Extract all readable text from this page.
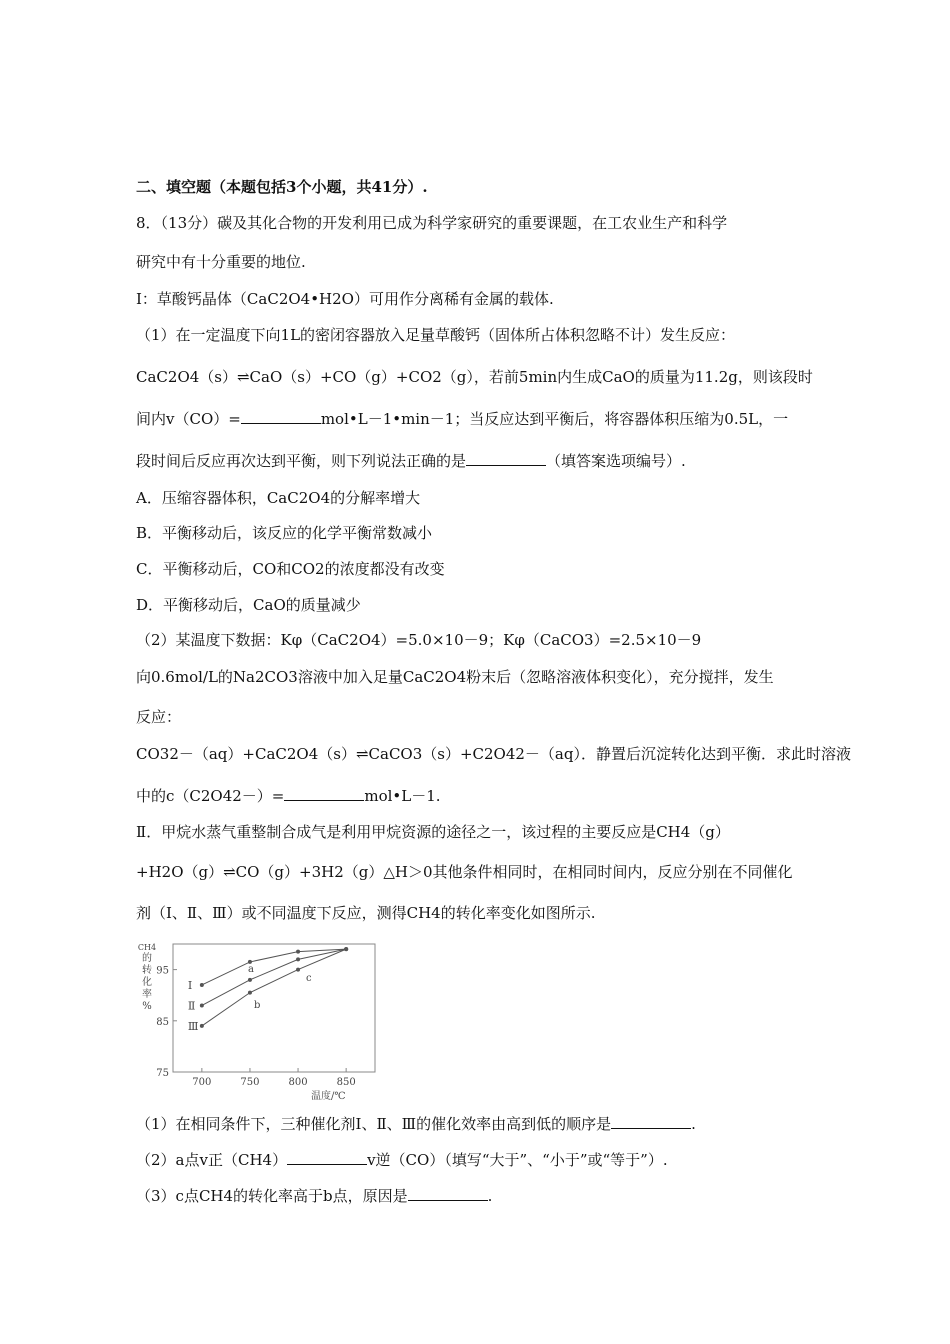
二、填空题（本题包括3个小题，共41分）.
8．（13分）碳及其化合物的开发利用已成为科学家研究的重要课题，在工农业生产和科学
研究中有十分重要的地位.
Ⅰ：草酸钙晶体（CaC2O4•H2O）可用作分离稀有金属的载体.
（1）在一定温度下向1L的密闭容器放入足量草酸钙（固体所占体积忽略不计）发生反应：
CaC2O4（s）⇌CaO（s）+CO（g）+CO2（g），若前5min内生成CaO的质量为11.2g，则该段时
间内v（CO）=	mol•L－1•min－1；当反应达到平衡后，将容器体积压缩为0.5L，一
段时间后反应再次达到平衡，则下列说法正确的是	（填答案选项编号）.
A．压缩容器体积，CaC2O4的分解率增大
B．平衡移动后，该反应的化学平衡常数减小
C．平衡移动后，CO和CO2的浓度都没有改变
D．平衡移动后，CaO的质量减少
（2）某温度下数据：Kφ（CaC2O4）=5.0×10－9；Kφ（CaCO3）=2.5×10－9
向0.6mol/L的Na2CO3溶液中加入足量CaC2O4粉末后（忽略溶液体积变化），充分搅拌，发生
反应：
CO32－（aq）+CaC2O4（s）⇌CaCO3（s）+C2O42－（aq）．静置后沉淀转化达到平衡．求此时溶液
中的c（C2O42－）=	mol•L－1.
Ⅱ．甲烷水蒸气重整制合成气是利用甲烷资源的途径之一，该过程的主要反应是CH4（g）
+H2O（g）⇌CO（g）+3H2（g）△H＞0其他条件相同时，在相同时间内，反应分别在不同催化
剂（Ⅰ、Ⅱ、Ⅲ）或不同温度下反应，测得CH4的转化率变化如图所示.
75
85
95
700	750	800	850
CH4
的
转
化
率
%
温度/℃
Ⅰ
Ⅱ
Ⅲ
a
b
c
（1）在相同条件下，三种催化剂Ⅰ、Ⅱ、Ⅲ的催化效率由高到低的顺序是	.
（2）a点v正（CH4）	v逆（CO）（填写“大于”、“小于”或“等于”）.
（3）c点CH4的转化率高于b点，原因是	.
